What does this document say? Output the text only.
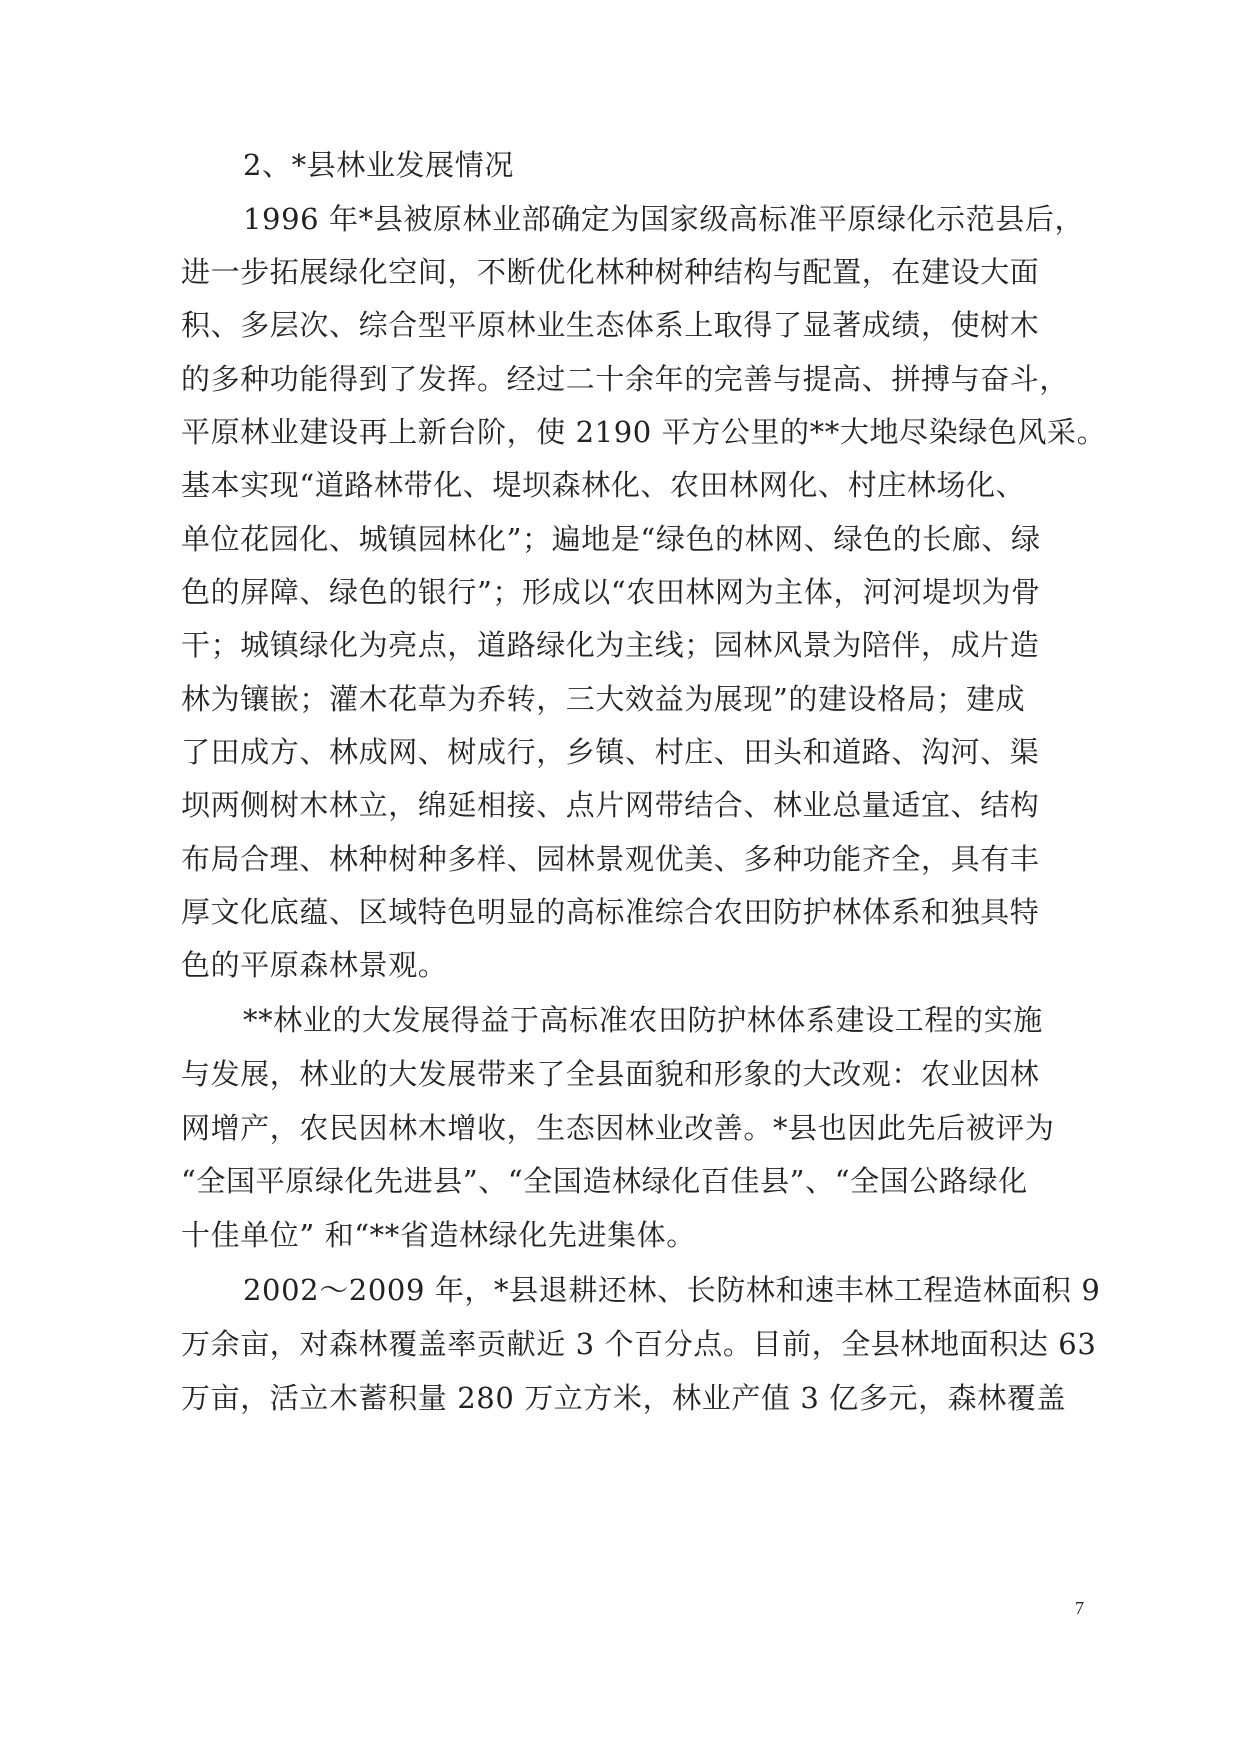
2、*县林业发展情况
1996 年*县被原林业部确定为国家级高标准平原绿化示范县后，
进一步拓展绿化空间，不断优化林种树种结构与配置，在建设大面
积、多层次、综合型平原林业生态体系上取得了显著成绩，使树木
的多种功能得到了发挥。经过二十余年的完善与提高、拼搏与奋斗，
平原林业建设再上新台阶，使 2190 平方公里的**大地尽染绿色风采。
基本实现“道路林带化、堤坝森林化、农田林网化、村庄林场化、
单位花园化、城镇园林化”；遍地是“绿色的林网、绿色的长廊、绿
色的屏障、绿色的银行”；形成以“农田林网为主体，河河堤坝为骨
干；城镇绿化为亮点，道路绿化为主线；园林风景为陪伴，成片造
林为镶嵌；灌木花草为乔转，三大效益为展现”的建设格局；建成
了田成方、林成网、树成行，乡镇、村庄、田头和道路、沟河、渠
坝两侧树木林立，绵延相接、点片网带结合、林业总量适宜、结构
布局合理、林种树种多样、园林景观优美、多种功能齐全，具有丰
厚文化底蕴、区域特色明显的高标准综合农田防护林体系和独具特
色的平原森林景观。
**林业的大发展得益于高标准农田防护林体系建设工程的实施
与发展，林业的大发展带来了全县面貌和形象的大改观：农业因林
网增产，农民因林木增收，生态因林业改善。*县也因此先后被评为
“全国平原绿化先进县”、“全国造林绿化百佳县”、“全国公路绿化
十佳单位” 和“**省造林绿化先进集体。
2002～2009 年，*县退耕还林、长防林和速丰林工程造林面积 9
万余亩，对森林覆盖率贡献近 3 个百分点。目前，全县林地面积达 63
万亩，活立木蓄积量 280 万立方米，林业产值 3 亿多元，森林覆盖
7
